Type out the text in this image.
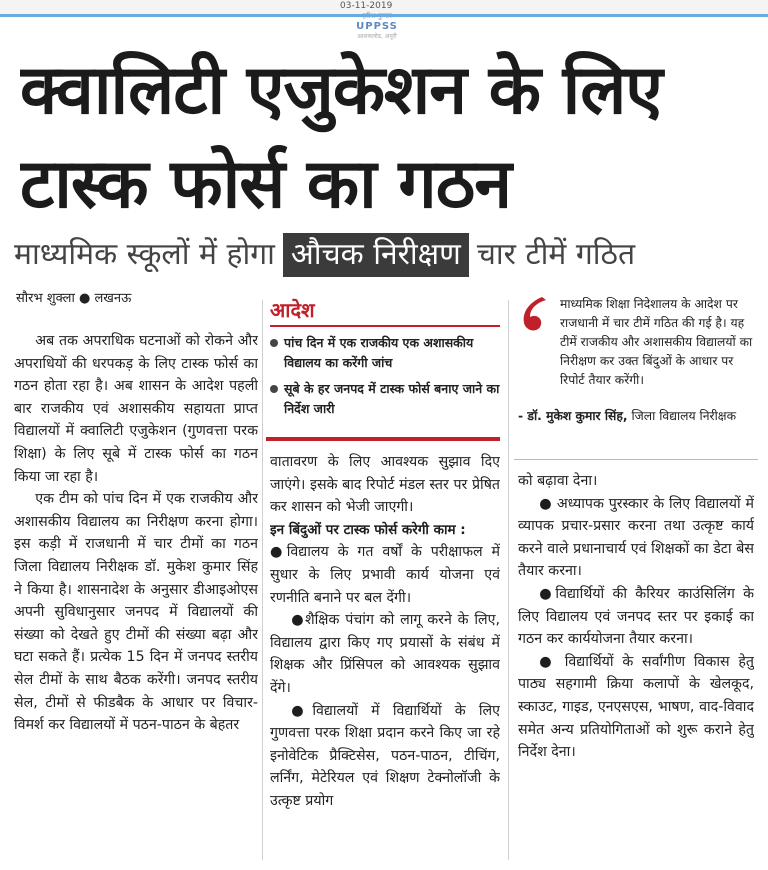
03-11-2019
UPPSS
आशकलोड, अपूरी
क्वालिटी एजुकेशन के लिए
टास्क फोर्स का गठन
माध्यमिक स्कूलों में होगा औचक निरीक्षण चार टीमें गठित
सौरभ शुक्ला ● लखनऊ

अब तक अपराधिक घटनाओं को रोकने और अपराधियों की धरपकड़ के लिए टास्क फोर्स का गठन होता रहा है। अब शासन के आदेश पहली बार राजकीय एवं अशासकीय सहायता प्राप्त विद्यालयों में क्वालिटी एजुकेशन (गुणवत्ता परक शिक्षा) के लिए सूबे में टास्क फोर्स का गठन किया जा रहा है।

एक टीम को पांच दिन में एक राजकीय और अशासकीय विद्यालय का निरीक्षण करना होगा। इस कड़ी में राजधानी में चार टीमों का गठन जिला विद्यालय निरीक्षक डॉ. मुकेश कुमार सिंह ने किया है। शासनादेश के अनुसार डीआइओएस अपनी सुविधानुसार जनपद में विद्यालयों की संख्या को देखते हुए टीमों की संख्या बढ़ा और घटा सकते हैं। प्रत्येक 15 दिन में जनपद स्तरीय सेल टीमों के साथ बैठक करेंगी। जनपद स्तरीय सेल, टीमों से फीडबैक के आधार पर विचार-विमर्श कर विद्यालयों में पठन-पाठन के बेहतर

आदेश
पांच दिन में एक राजकीय एक अशासकीय विद्यालय का करेंगी जांच
सूबे के हर जनपद में टास्क फोर्स बनाए जाने का निर्देश जारी

वातावरण के लिए आवश्यक सुझाव दिए जाएंगे। इसके बाद रिपोर्ट मंडल स्तर पर प्रेषित कर शासन को भेजी जाएगी।

इन बिंदुओं पर टास्क फोर्स करेगी काम :

●विद्यालय के गत वर्षों के परीक्षाफल में सुधार के लिए प्रभावी कार्य योजना एवं रणनीति बनाने पर बल देंगी।

●शैक्षिक पंचांग को लागू करने के लिए, विद्यालय द्वारा किए गए प्रयासों के संबंध में शिक्षक और प्रिंसिपल को आवश्यक सुझाव देंगे।

●विद्यालयों में विद्यार्थियों के लिए गुणवत्ता परक शिक्षा प्रदान करने किए जा रहे इनोवेटिक प्रैक्टिसेस, पठन-पाठन, टीचिंग, लर्निंग, मेटेरियल एवं शिक्षण टेक्नोलॉजी के उत्कृष्ट प्रयोग

माध्यमिक शिक्षा निदेशालय के आदेश पर राजधानी में चार टीमें गठित की गई है। यह टीमें राजकीय और अशासकीय विद्यालयों का निरीक्षण कर उक्त बिंदुओं के आधार पर रिपोर्ट तैयार करेंगी।
- डॉ. मुकेश कुमार सिंह, जिला विद्यालय निरीक्षक

को बढ़ावा देना।

● अध्यापक पुरस्कार के लिए विद्यालयों में व्यापक प्रचार-प्रसार करना तथा उत्कृष्ट कार्य करने वाले प्रधानाचार्य एवं शिक्षकों का डेटा बेस तैयार करना।

●विद्यार्थियों की कैरियर काउंसिलिंग के लिए विद्यालय एवं जनपद स्तर पर इकाई का गठन कर कार्ययोजना तैयार करना।

● विद्यार्थियों के सर्वांगीण विकास हेतु पाठ्य सहगामी क्रिया कलापों के खेलकूद, स्काउट, गाइड, एनएसएस, भाषण, वाद-विवाद समेत अन्य प्रतियोगिताओं को शुरू कराने हेतु निर्देश देना।
